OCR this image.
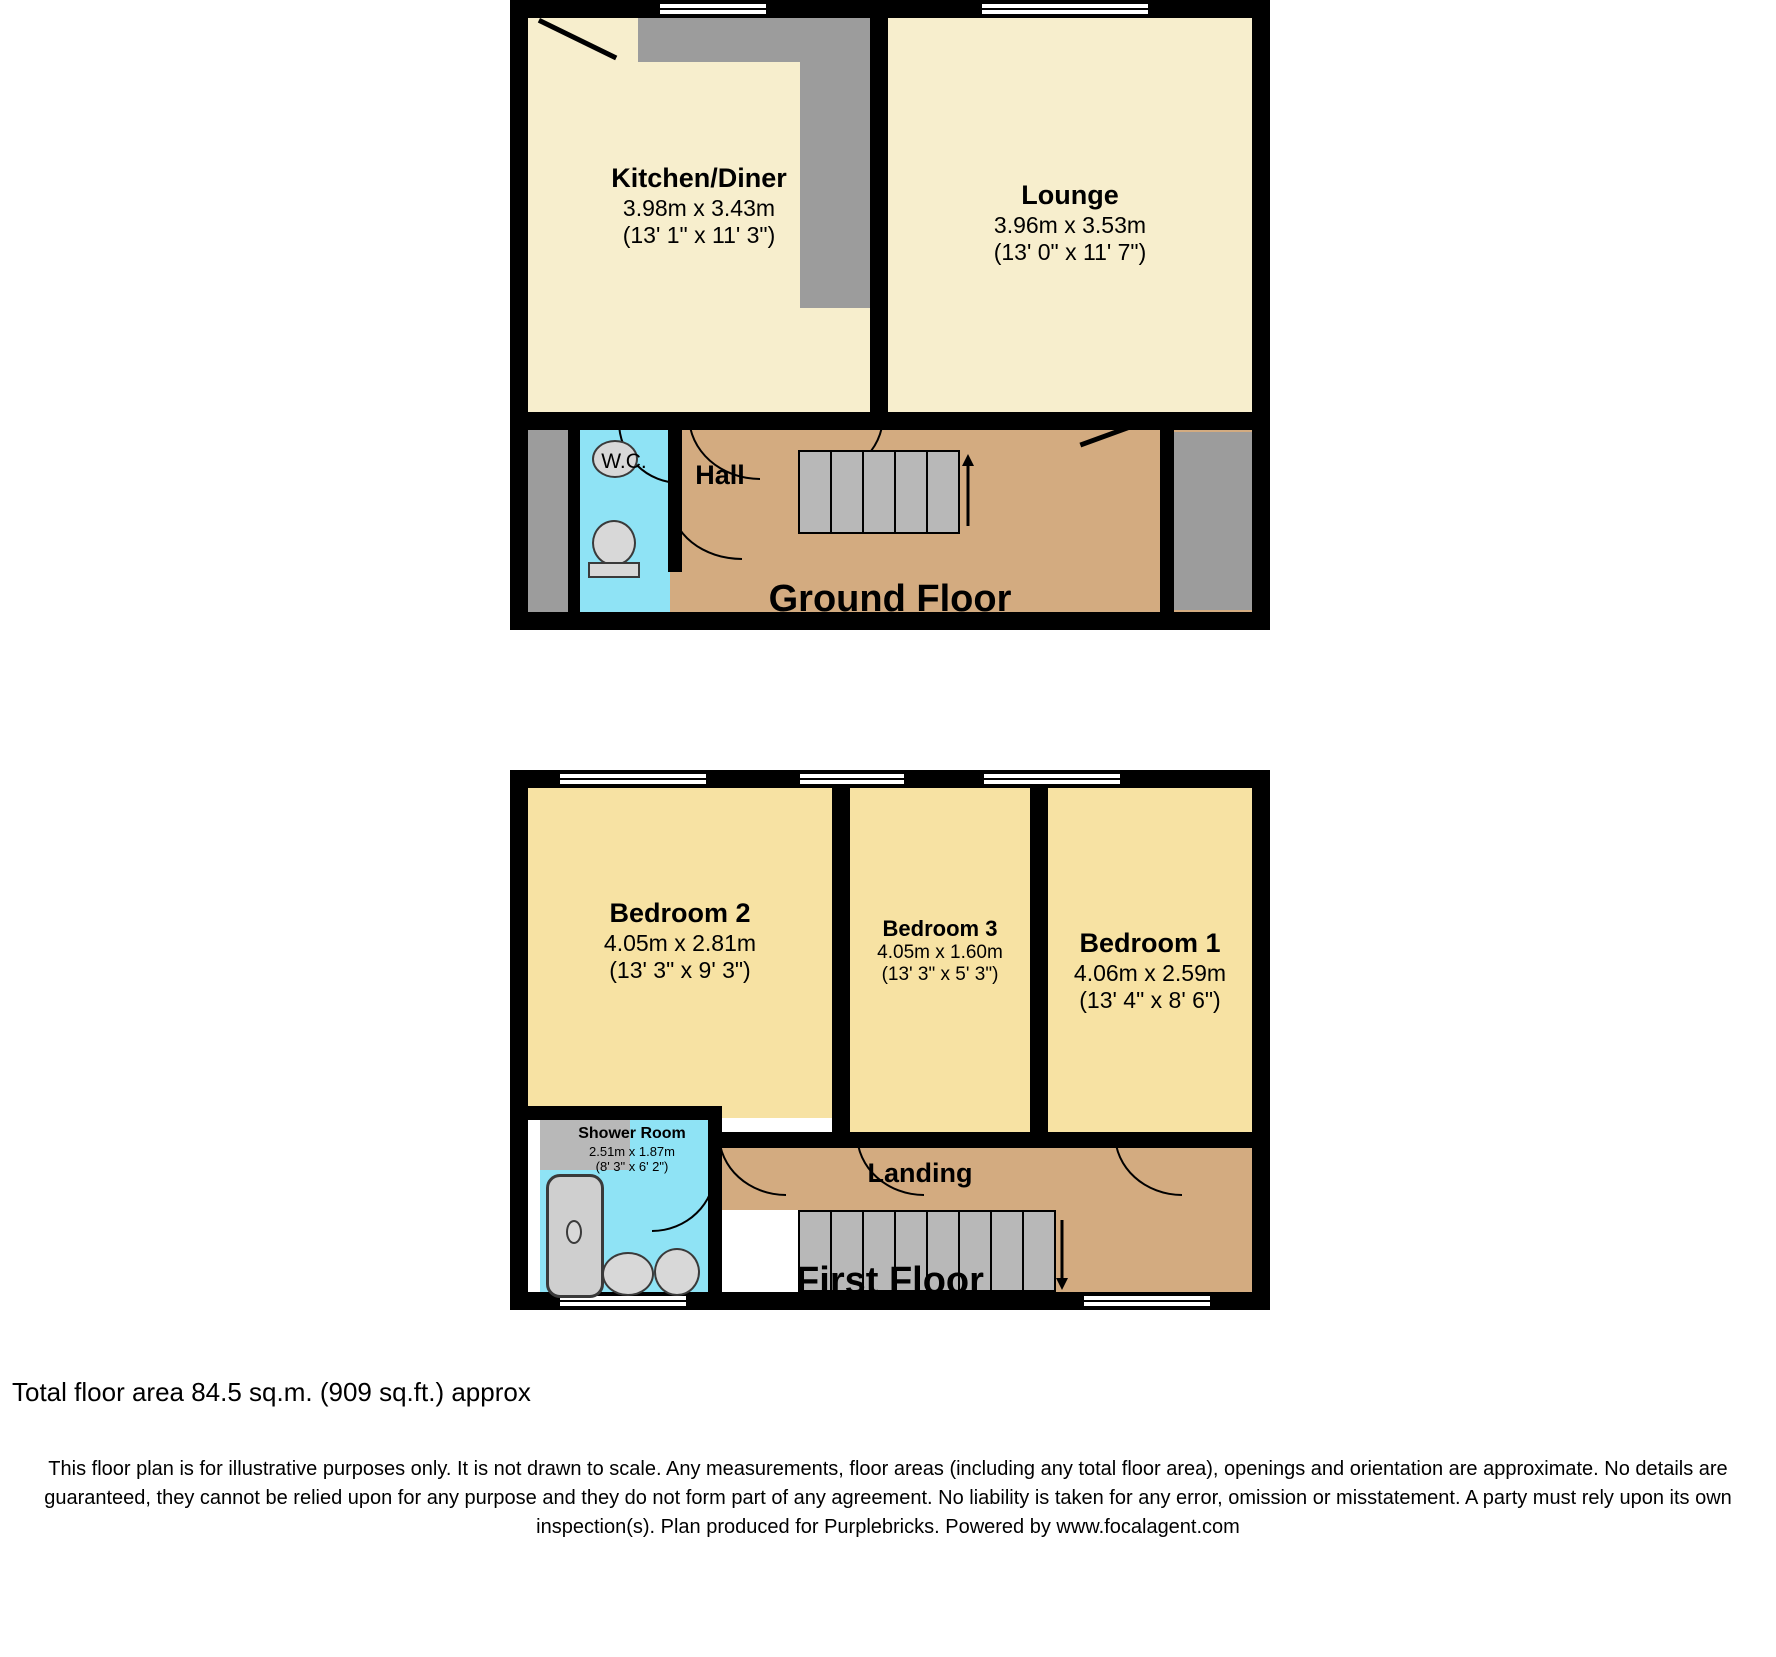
Kitchen/Diner
3.98m x 3.43m
(13' 1" x 11' 3")
Lounge
3.96m x 3.53m
(13' 0" x 11' 7")
W.C.	Hall
Ground Floor
Bedroom 2
4.05m x 2.81m
(13' 3" x 9' 3")
Bedroom 3
4.05m x 1.60m
(13' 3" x 5' 3")
Bedroom 1
4.06m x 2.59m
(13' 4" x 8' 6")
Shower Room
2.51m x 1.87m
(8' 3" x 6' 2")	Landing
First Floor
Total floor area 84.5 sq.m. (909 sq.ft.) approx
This floor plan is for illustrative purposes only. It is not drawn to scale. Any measurements, floor areas (including any total floor area), openings and orientation are approximate. No details are guaranteed, they cannot be relied upon for any purpose and they do not form part of any agreement. No liability is taken for any error, omission or misstatement. A party must rely upon its own inspection(s). Plan produced for Purplebricks. Powered by www.focalagent.com
